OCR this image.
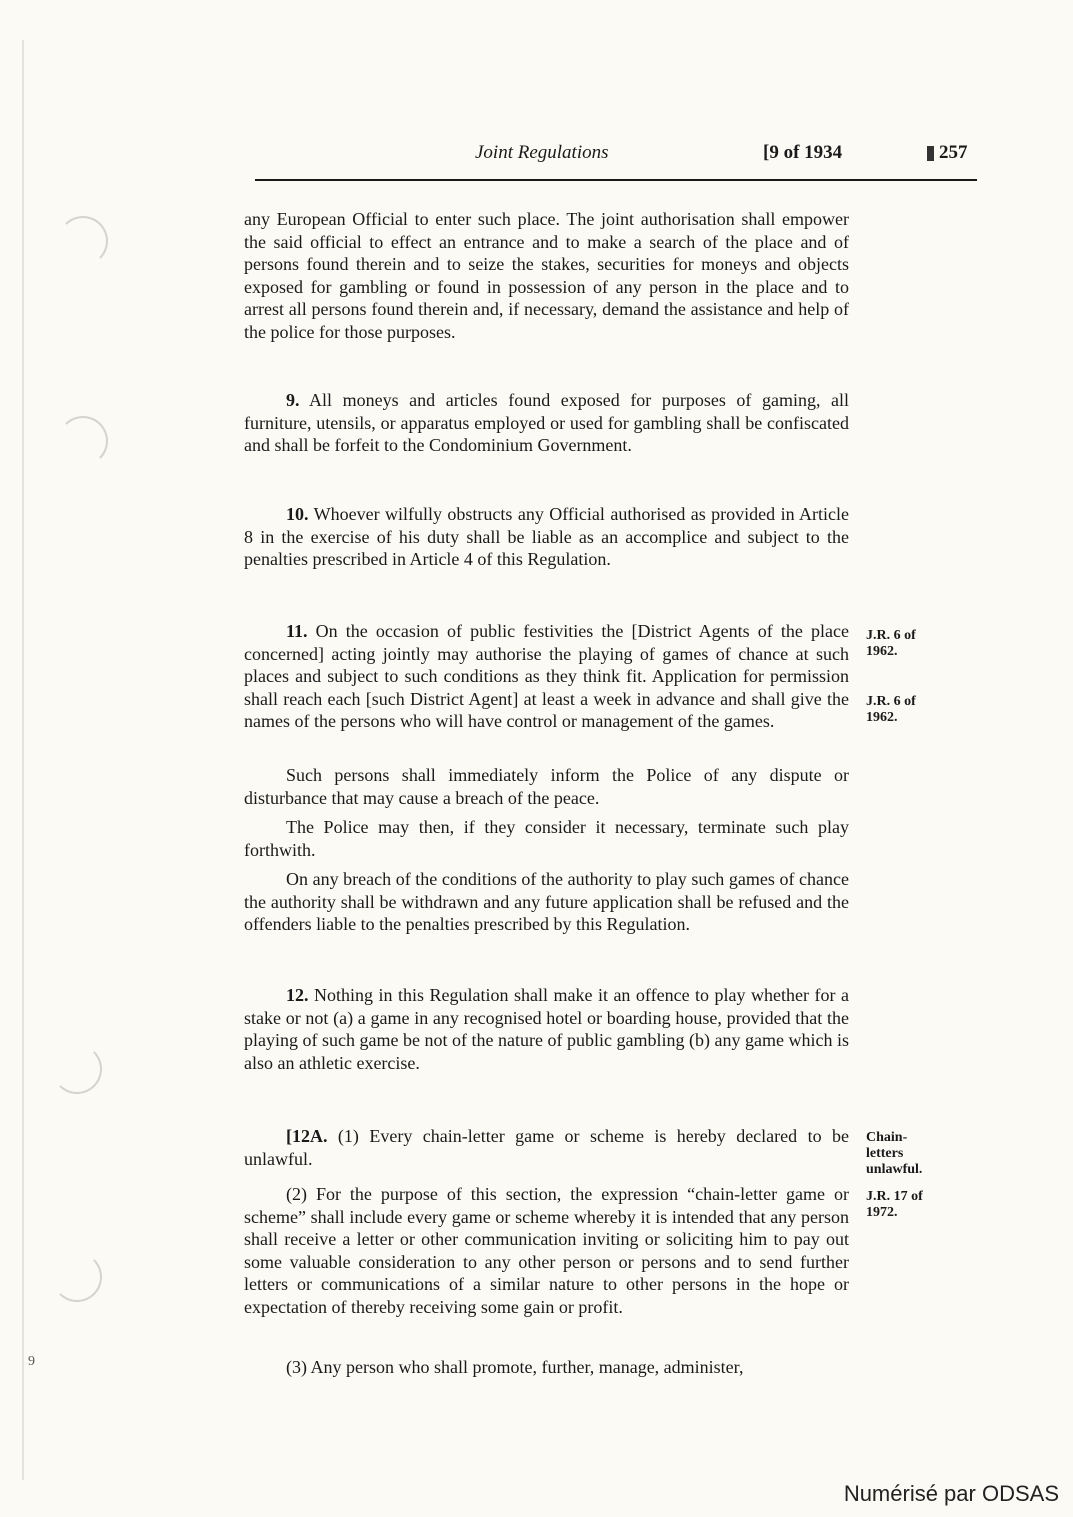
Joint Regulations	[9 of 1934	257

any European Official to enter such place. The joint authorisation shall empower the said official to effect an entrance and to make a search of the place and of persons found therein and to seize the stakes, securities for moneys and objects exposed for gambling or found in possession of any person in the place and to arrest all persons found therein and, if necessary, demand the assistance and help of the police for those purposes.

9. All moneys and articles found exposed for purposes of gaming, all furniture, utensils, or apparatus employed or used for gambling shall be confiscated and shall be forfeit to the Condominium Government.

10. Whoever wilfully obstructs any Official authorised as provided in Article 8 in the exercise of his duty shall be liable as an accomplice and subject to the penalties prescribed in Article 4 of this Regulation.

11. On the occasion of public festivities the [District Agents of the place concerned] acting jointly may authorise the playing of games of chance at such places and subject to such conditions as they think fit. Application for permission shall reach each [such District Agent] at least a week in advance and shall give the names of the persons who will have control or management of the games.

Such persons shall immediately inform the Police of any dispute or disturbance that may cause a breach of the peace.

The Police may then, if they consider it necessary, terminate such play forthwith.

On any breach of the conditions of the authority to play such games of chance the authority shall be withdrawn and any future application shall be refused and the offenders liable to the penalties prescribed by this Regulation.

12. Nothing in this Regulation shall make it an offence to play whether for a stake or not (a) a game in any recognised hotel or boarding house, provided that the playing of such game be not of the nature of public gambling (b) any game which is also an athletic exercise.

[12A. (1) Every chain-letter game or scheme is hereby declared to be unlawful.

(2) For the purpose of this section, the expression “chain-letter game or scheme” shall include every game or scheme whereby it is intended that any person shall receive a letter or other communication inviting or soliciting him to pay out some valuable consideration to any other person or persons and to send further letters or communications of a similar nature to other persons in the hope or expectation of thereby receiving some gain or profit.

(3) Any person who shall promote, further, manage, administer,

J.R. 6 of 1962.
J.R. 6 of 1962.
Chain-letters unlawful.
J.R. 17 of 1972.
9
Numérisé par ODSAS
